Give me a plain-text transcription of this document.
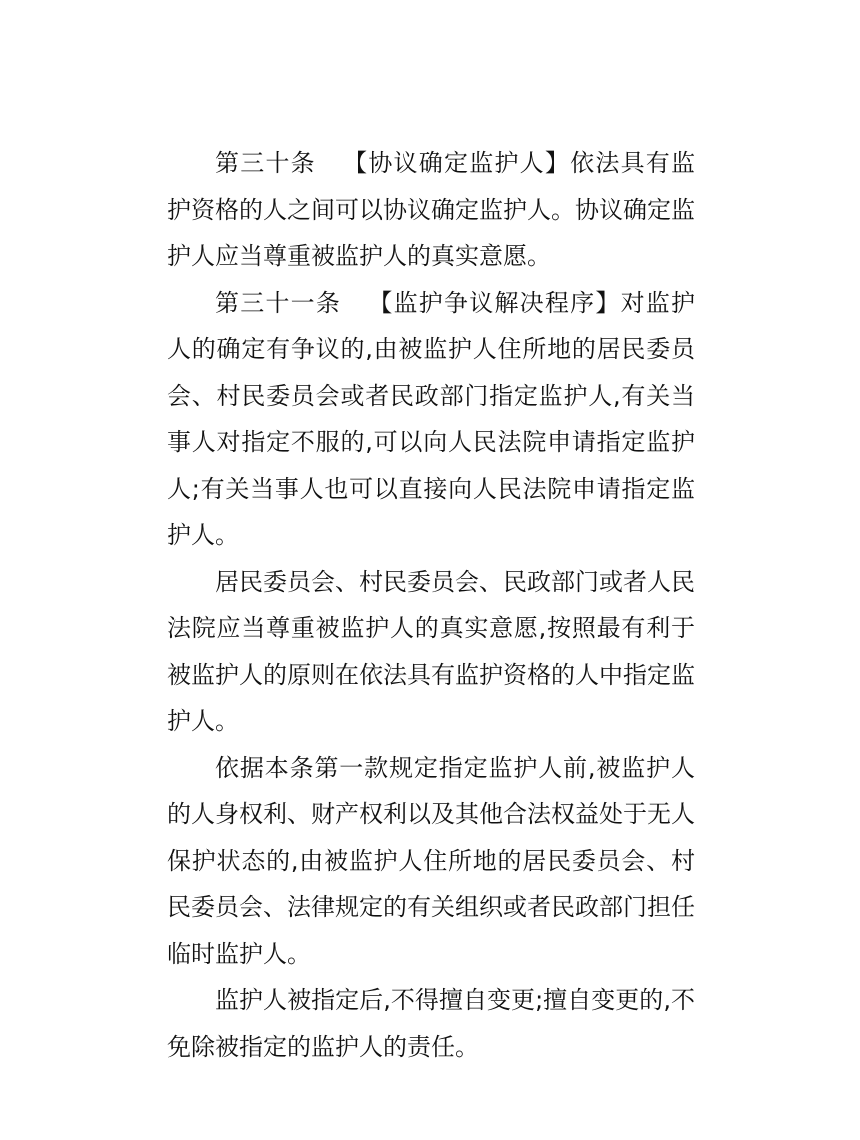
第三十条 【协议确定监护人】依法具有监护资格的人之间可以协议确定监护人。协议确定监护人应当尊重被监护人的真实意愿。

第三十一条 【监护争议解决程序】对监护人的确定有争议的,由被监护人住所地的居民委员会、村民委员会或者民政部门指定监护人,有关当事人对指定不服的,可以向人民法院申请指定监护人;有关当事人也可以直接向人民法院申请指定监护人。

居民委员会、村民委员会、民政部门或者人民法院应当尊重被监护人的真实意愿,按照最有利于被监护人的原则在依法具有监护资格的人中指定监护人。

依据本条第一款规定指定监护人前,被监护人的人身权利、财产权利以及其他合法权益处于无人保护状态的,由被监护人住所地的居民委员会、村民委员会、法律规定的有关组织或者民政部门担任临时监护人。

监护人被指定后,不得擅自变更;擅自变更的,不免除被指定的监护人的责任。
